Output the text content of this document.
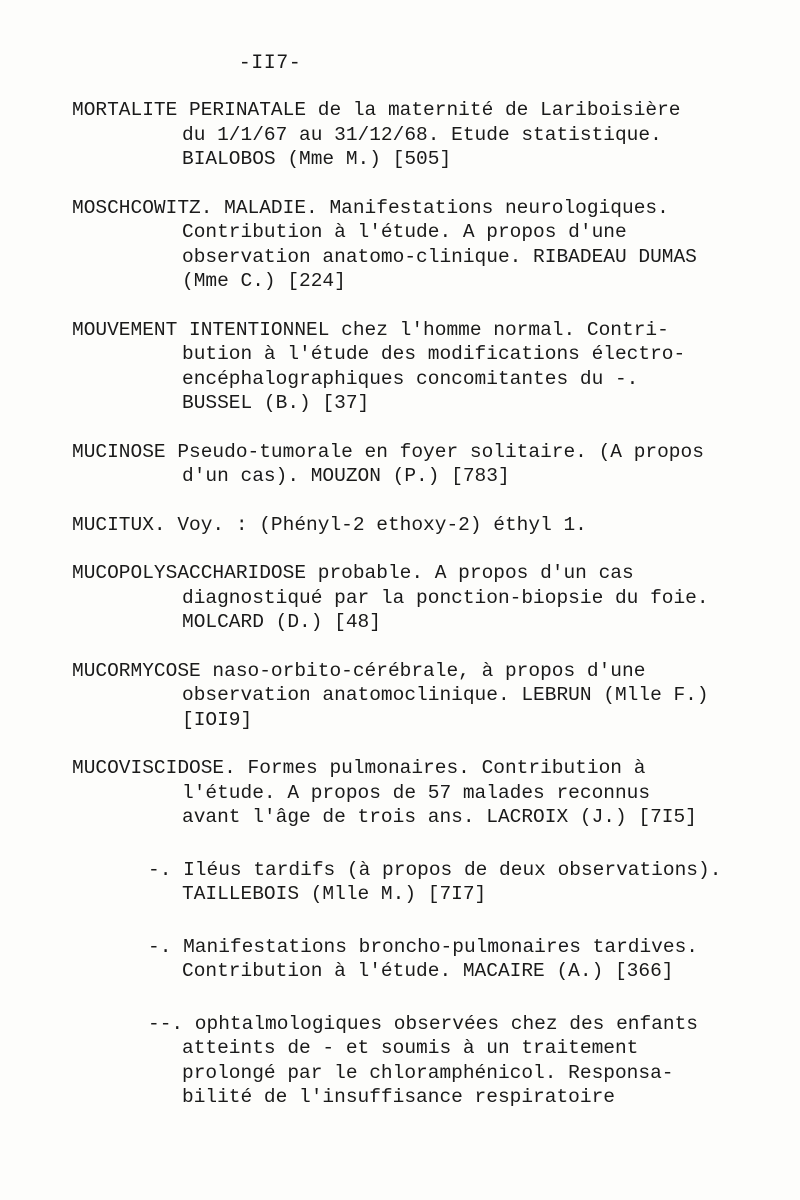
-II7-
MORTALITE PERINATALE de la maternité de Lariboisière
du 1/1/67 au 31/12/68. Etude statistique.
BIALOBOS (Mme M.) [505]
MOSCHCOWITZ. MALADIE. Manifestations neurologiques.
Contribution à l'étude. A propos d'une
observation anatomo-clinique. RIBADEAU DUMAS
(Mme C.) [224]
MOUVEMENT INTENTIONNEL chez l'homme normal. Contri-
bution à l'étude des modifications électro-
encéphalographiques concomitantes du -.
BUSSEL (B.) [37]
MUCINOSE Pseudo-tumorale en foyer solitaire. (A propos
d'un cas). MOUZON (P.) [783]
MUCITUX. Voy. : (Phényl-2 ethoxy-2) éthyl 1.
MUCOPOLYSACCHARIDOSE probable. A propos d'un cas
diagnostiqué par la ponction-biopsie du foie.
MOLCARD (D.) [48]
MUCORMYCOSE naso-orbito-cérébrale, à propos d'une
observation anatomoclinique. LEBRUN (Mlle F.)
[IOI9]
MUCOVISCIDOSE. Formes pulmonaires. Contribution à
l'étude. A propos de 57 malades reconnus
avant l'âge de trois ans. LACROIX (J.) [7I5]
-. Iléus tardifs (à propos de deux observations).
TAILLEBOIS (Mlle M.) [7I7]
-. Manifestations broncho-pulmonaires tardives.
Contribution à l'étude. MACAIRE (A.) [366]
--. ophtalmologiques observées chez des enfants
atteints de - et soumis à un traitement
prolongé par le chloramphénicol. Responsa-
bilité de l'insuffisance respiratoire
